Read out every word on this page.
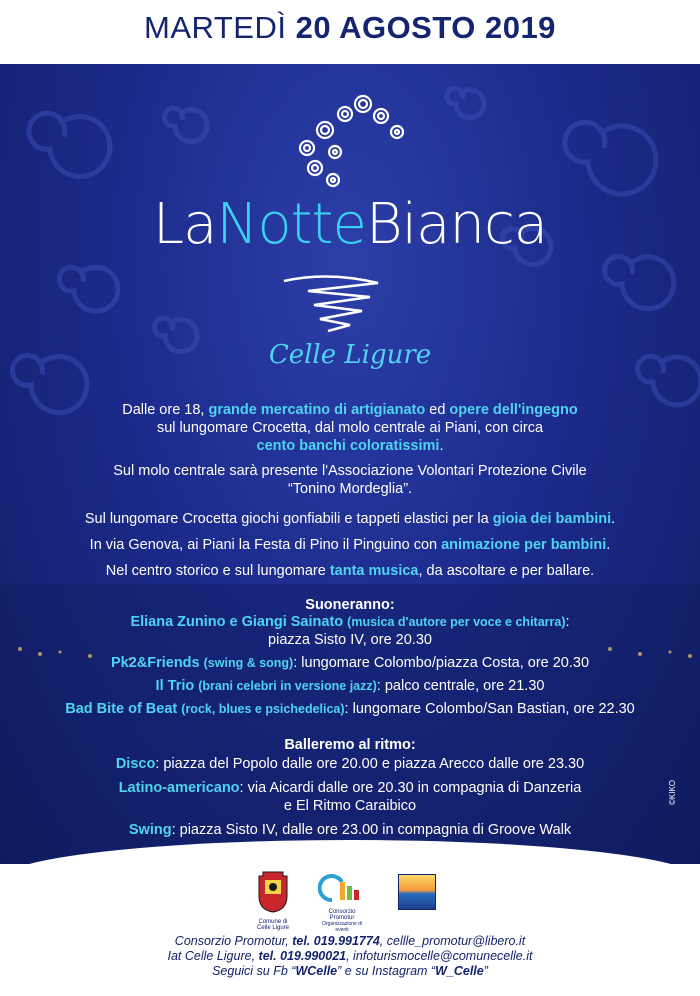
MARTEDÌ 20 AGOSTO 2019
LaNotteBianca
Celle Ligure
Dalle ore 18, grande mercatino di artigianato ed opere dell'ingegno
sul lungomare Crocetta, dal molo centrale ai Piani, con circa
cento banchi coloratissimi.
Sul molo centrale sarà presente l'Associazione Volontari Protezione Civile
“Tonino Mordeglia”.
Sul lungomare Crocetta giochi gonfiabili e tappeti elastici per la gioia dei bambini.
In via Genova, ai Piani la Festa di Pino il Pinguino con animazione per bambini.
Nel centro storico e sul lungomare tanta musica, da ascoltare e per ballare.
Suoneranno:
Eliana Zunino e Giangi Sainato (musica d'autore per voce e chitarra):
piazza Sisto IV, ore 20.30
Pk2&Friends (swing & song): lungomare Colombo/piazza Costa, ore 20.30
Il Trio (brani celebri in versione jazz): palco centrale, ore 21.30
Bad Bite of Beat (rock, blues e psichedelica): lungomare Colombo/San Bastian, ore 22.30
Balleremo al ritmo:
Disco: piazza del Popolo dalle ore 20.00 e piazza Arecco dalle ore 23.30
Latino-americano: via Aicardi dalle ore 20.30 in compagnia di Danzeria
e El Ritmo Caraibico
Swing: piazza Sisto IV, dalle ore 23.00 in compagnia di Groove Walk
©KIKO
Comune di Celle Ligure
Consorzio Promotur
Organizzazione di eventi
Consorzio Promotur, tel. 019.991774, cellle_promotur@libero.it
Iat Celle Ligure, tel. 019.990021, infoturismocelle@comunecelle.it
Seguici su Fb “WCelle” e su Instagram “W_Celle”
